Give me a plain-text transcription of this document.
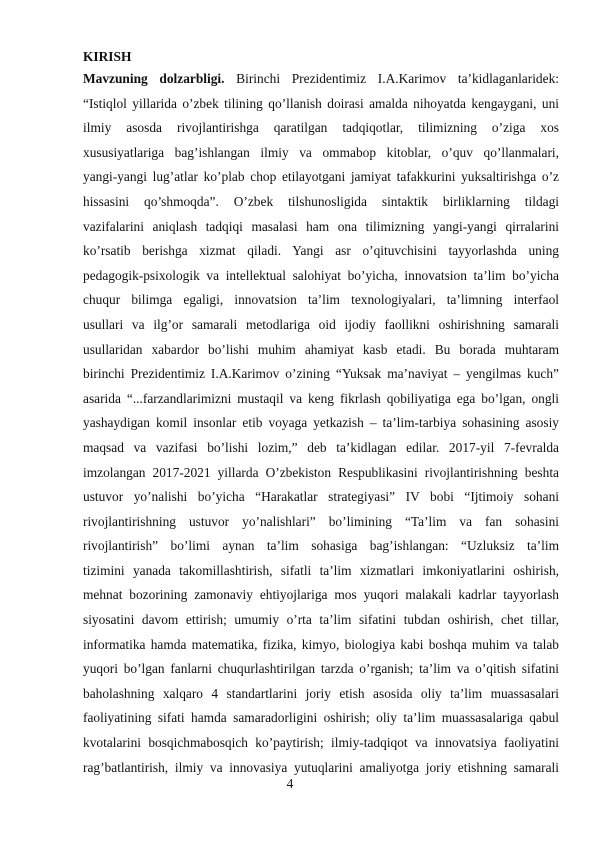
KIRISH
Mavzuning dolzarbligi. Birinchi Prezidentimiz I.A.Karimov ta’kidlaganlaridek:
“Istiqlol yillarida o’zbek tilining qo’llanish doirasi amalda nihoyatda kengaygani, uni
ilmiy asosda rivojlantirishga qaratilgan tadqiqotlar, tilimizning o’ziga xos
xususiyatlariga bag’ishlangan ilmiy va ommabop kitoblar, o’quv qo’llanmalari,
yangi-yangi lug’atlar ko’plab chop etilayotgani jamiyat tafakkurini yuksaltirishga o’z
hissasini qo’shmoqda”. O’zbek tilshunosligida sintaktik birliklarning tildagi
vazifalarini aniqlash tadqiqi masalasi ham ona tilimizning yangi-yangi qirralarini
ko’rsatib berishga xizmat qiladi. Yangi asr o’qituvchisini tayyorlashda uning
pedagogik-psixologik va intellektual salohiyat bo’yicha, innovatsion ta’lim bo’yicha
chuqur bilimga egaligi, innovatsion ta’lim texnologiyalari, ta’limning interfaol
usullari va ilg’or samarali metodlariga oid ijodiy faollikni oshirishning samarali
usullaridan xabardor bo’lishi muhim ahamiyat kasb etadi. Bu borada muhtaram
birinchi Prezidentimiz I.A.Karimov o’zining “Yuksak ma’naviyat – yengilmas kuch”
asarida “...farzandlarimizni mustaqil va keng fikrlash qobiliyatiga ega bo’lgan, ongli
yashaydigan komil insonlar etib voyaga yetkazish – ta’lim-tarbiya sohasining asosiy
maqsad va vazifasi bo’lishi lozim,” deb ta’kidlagan edilar. 2017-yil 7-fevralda
imzolangan 2017-2021 yillarda O’zbekiston Respublikasini rivojlantirishning beshta
ustuvor yo’nalishi bo’yicha “Harakatlar strategiyasi” IV bobi “Ijtimoiy sohani
rivojlantirishning ustuvor yo’nalishlari” bo’limining “Ta’lim va fan sohasini
rivojlantirish” bo’limi aynan ta’lim sohasiga bag’ishlangan: “Uzluksiz ta’lim
tizimini yanada takomillashtirish, sifatli ta’lim xizmatlari imkoniyatlarini oshirish,
mehnat bozorining zamonaviy ehtiyojlariga mos yuqori malakali kadrlar tayyorlash
siyosatini davom ettirish; umumiy o’rta ta’lim sifatini tubdan oshirish, chet tillar,
informatika hamda matematika, fizika, kimyo, biologiya kabi boshqa muhim va talab
yuqori bo’lgan fanlarni chuqurlashtirilgan tarzda o’rganish; ta’lim va o’qitish sifatini
baholashning xalqaro 4 standartlarini joriy etish asosida oliy ta’lim muassasalari
faoliyatining sifati hamda samaradorligini oshirish; oliy ta’lim muassasalariga qabul
kvotalarini bosqichmabosqich ko’paytirish; ilmiy-tadqiqot va innovatsiya faoliyatini
rag’batlantirish, ilmiy va innovasiya yutuqlarini amaliyotga joriy etishning samarali
4
